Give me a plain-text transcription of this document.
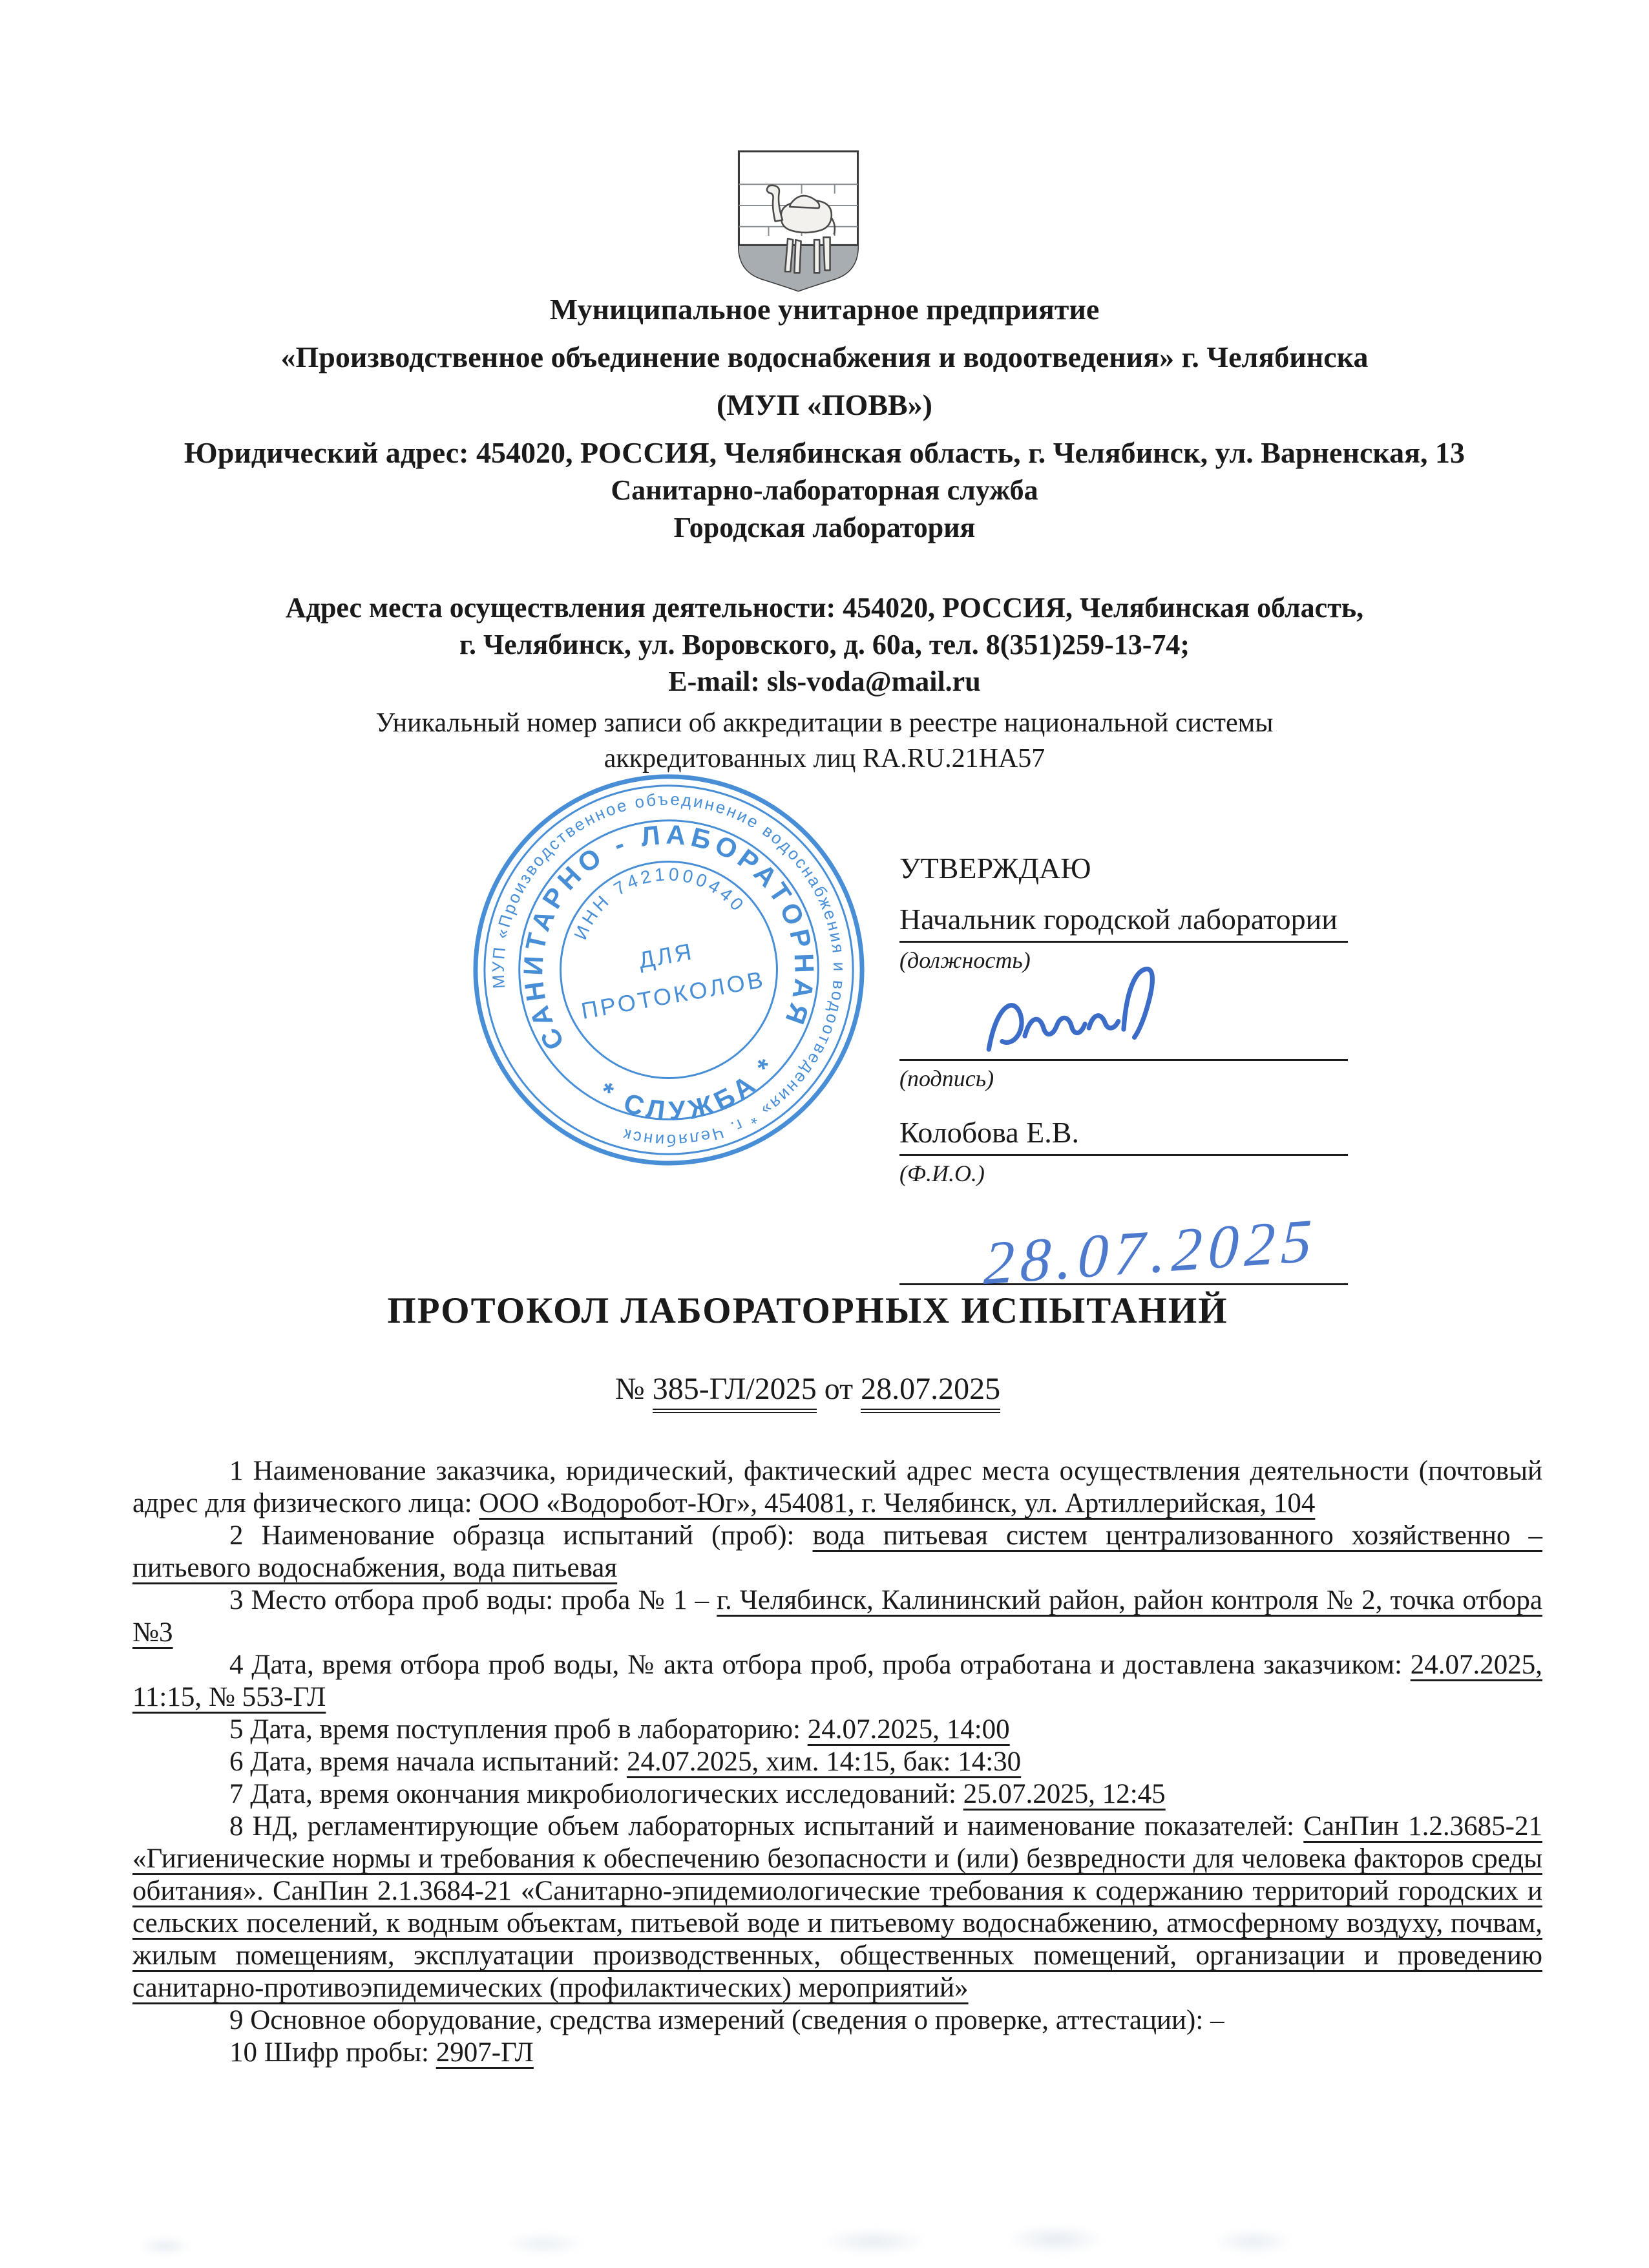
Муниципальное унитарное предприятие
«Производственное объединение водоснабжения и водоотведения» г. Челябинска
(МУП «ПОВВ»)
Юридический адрес: 454020, РОССИЯ, Челябинская область, г. Челябинск, ул. Варненская, 13
Санитарно-лабораторная служба
Городская лаборатория
Адрес места осуществления деятельности: 454020, РОССИЯ, Челябинская область,
г. Челябинск, ул. Воровского, д. 60а, тел. 8(351)259-13-74;
E-mail: sls-voda@mail.ru
Уникальный номер записи об аккредитации в реестре национальной системы
аккредитованных лиц RA.RU.21НА57
МУП «Производственное объединение водоснабжения и водоотведения» * г. Челябинск
САНИТАРНО - ЛАБОРАТОРНАЯ
* СЛУЖБА *
ИНН 7421000440
ДЛЯ
ПРОТОКОЛОВ
УТВЕРЖДАЮ
Начальник городской лаборатории
(должность)
(подпись)
Колобова Е.В.
(Ф.И.О.)
28.07.2025
ПРОТОКОЛ ЛАБОРАТОРНЫХ ИСПЫТАНИЙ
№ 385-ГЛ/2025 от 28.07.2025

1 Наименование заказчика, юридический, фактический адрес места осуществления деятельности (почтовый адрес для физического лица: ООО «Водоробот-Юг», 454081, г. Челябинск, ул. Артиллерийская, 104

2 Наименование образца испытаний (проб): вода питьевая систем централизованного хозяйственно – питьевого водоснабжения, вода питьевая

3 Место отбора проб воды: проба № 1 – г. Челябинск, Калининский район, район контроля № 2, точка отбора №3

4 Дата, время отбора проб воды, № акта отбора проб, проба отработана и доставлена заказчиком: 24.07.2025, 11:15, № 553-ГЛ

5 Дата, время поступления проб в лабораторию: 24.07.2025, 14:00

6 Дата, время начала испытаний: 24.07.2025, хим. 14:15, бак: 14:30

7 Дата, время окончания микробиологических исследований: 25.07.2025, 12:45

8 НД, регламентирующие объем лабораторных испытаний и наименование показателей: СанПин 1.2.3685-21 «Гигиенические нормы и требования к обеспечению безопасности и (или) безвредности для человека факторов среды обитания». СанПин 2.1.3684-21 «Санитарно-эпидемиологические требования к содержанию территорий городских и сельских поселений, к водным объектам, питьевой воде и питьевому водоснабжению, атмосферному воздуху, почвам, жилым помещениям, эксплуатации производственных, общественных помещений, организации и проведению санитарно-противоэпидемических (профилактических) мероприятий»

9 Основное оборудование, средства измерений (сведения о проверке, аттестации): –

10 Шифр пробы: 2907-ГЛ
